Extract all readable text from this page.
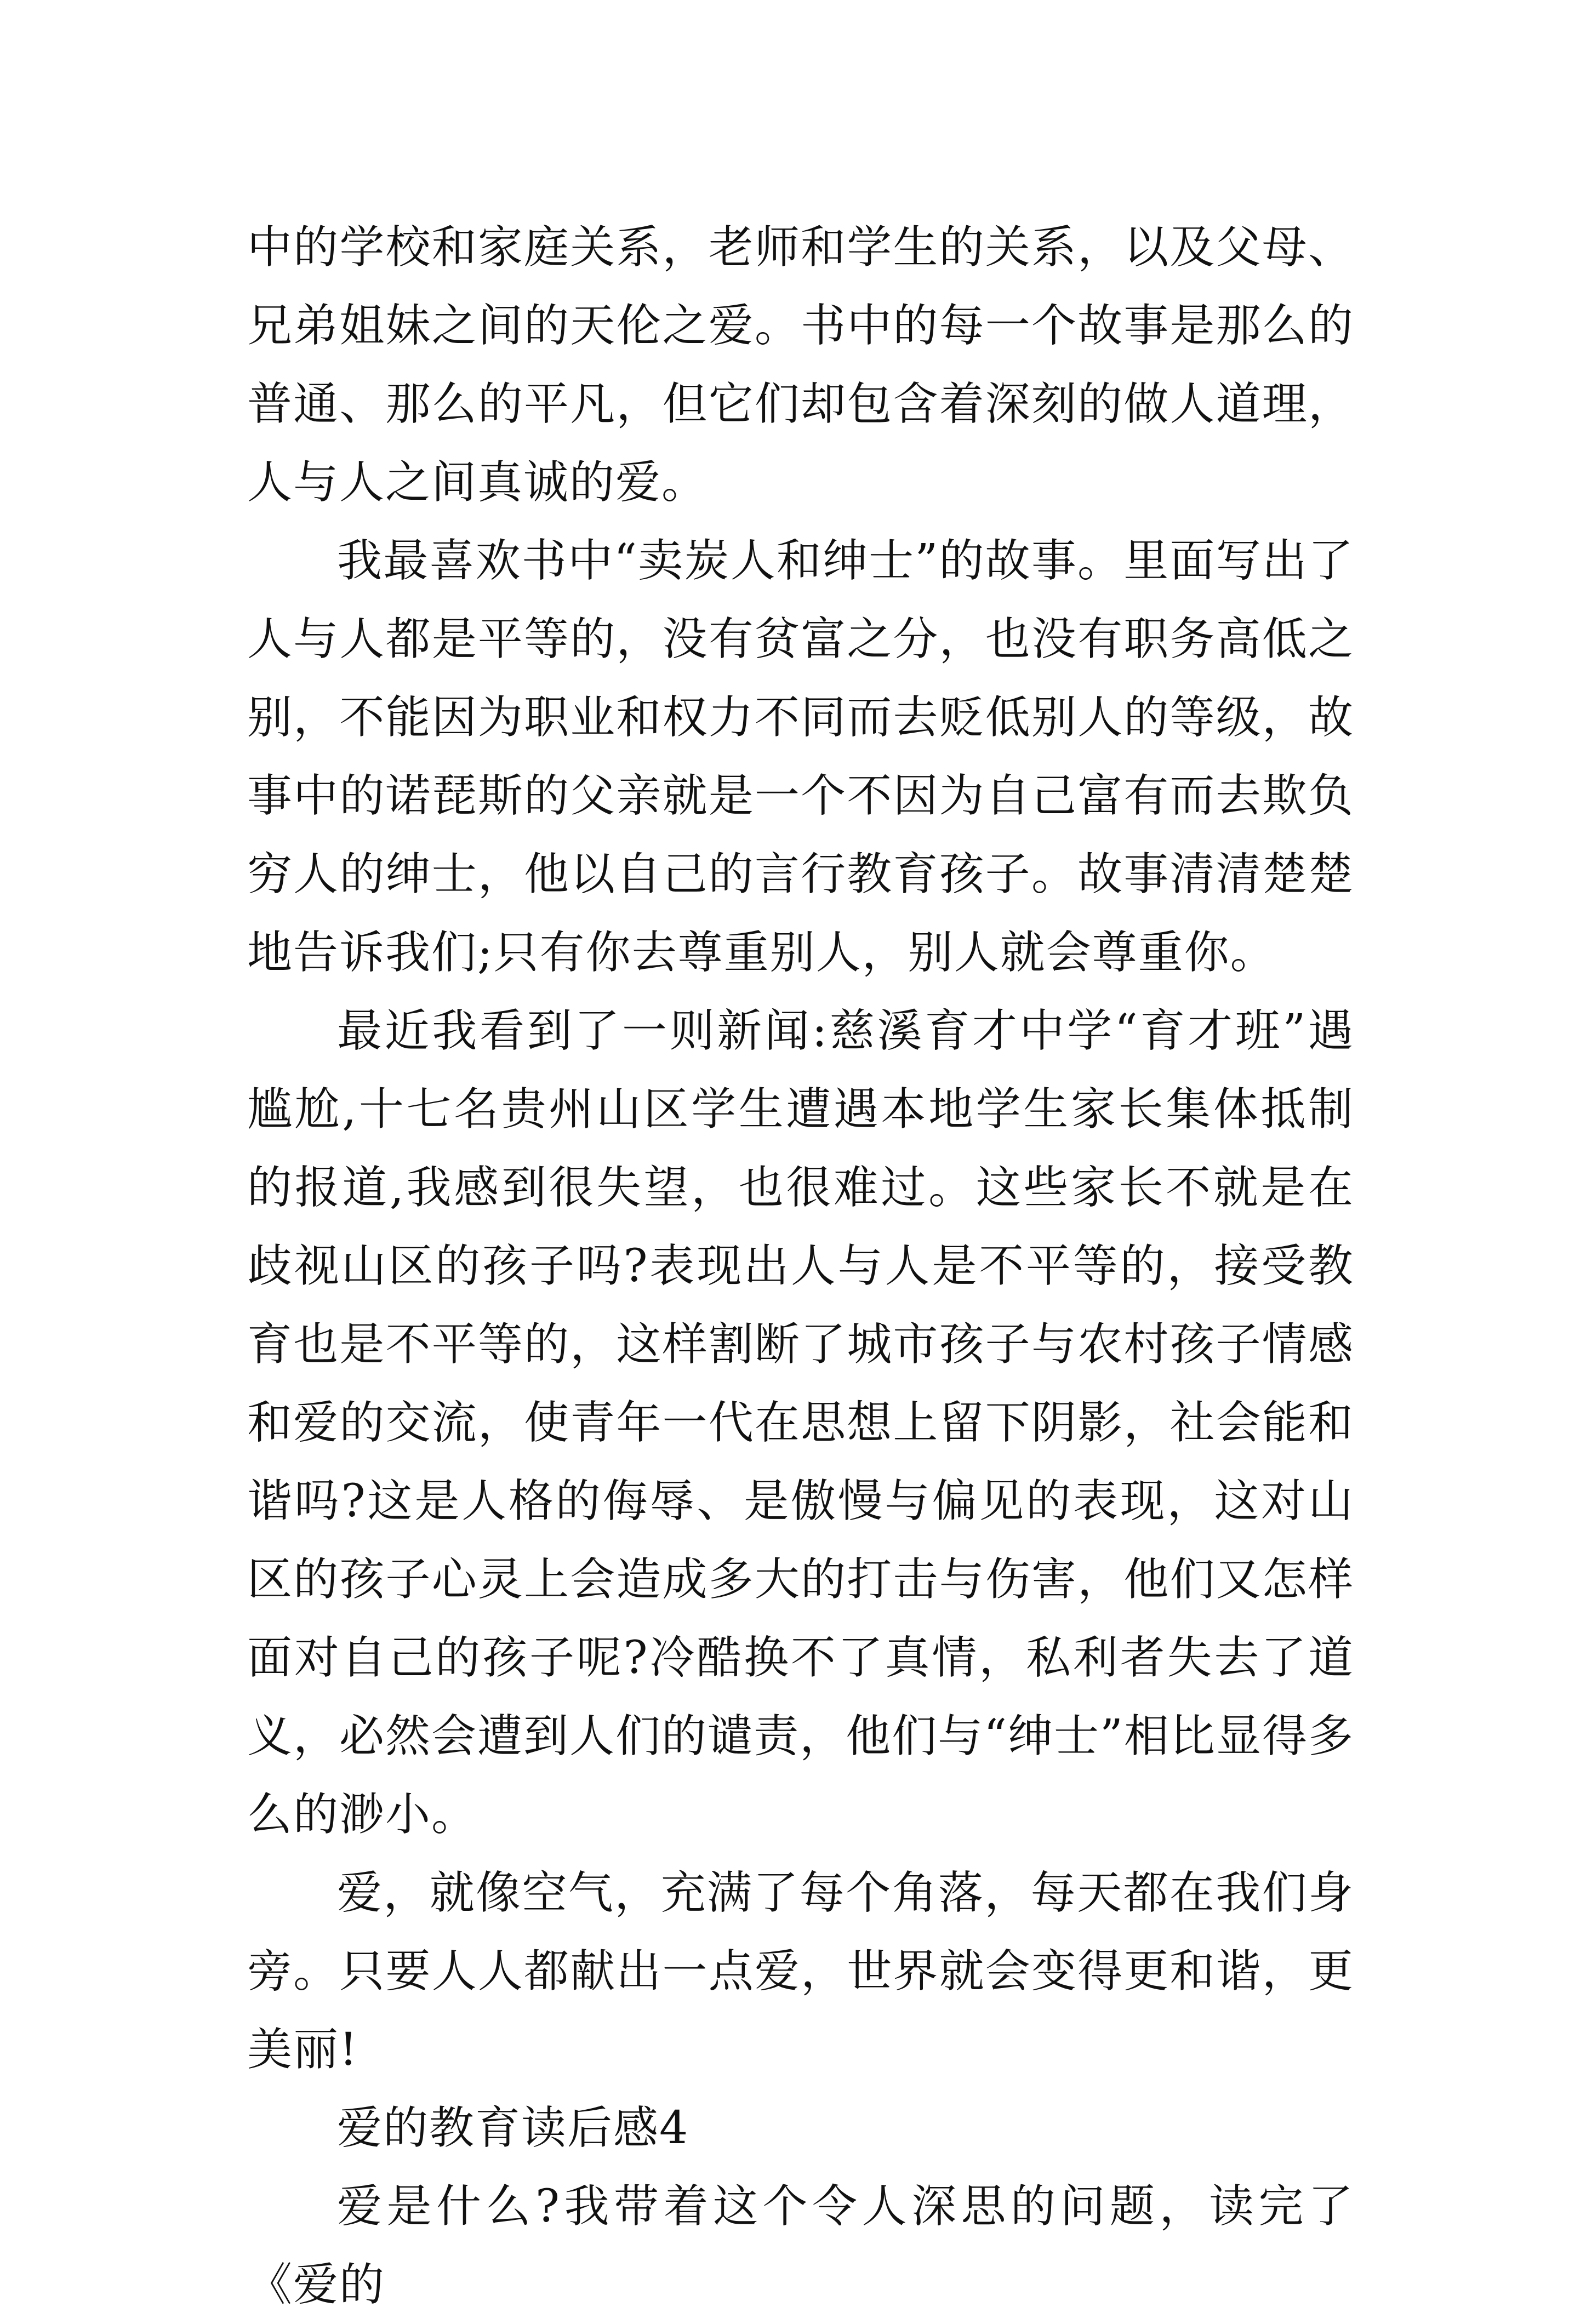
中的学校和家庭关系，老师和学生的关系，以及父母、兄弟姐妹之间的天伦之爱。书中的每一个故事是那么的普通、那么的平凡，但它们却包含着深刻的做人道理，人与人之间真诚的爱。

我最喜欢书中“卖炭人和绅士”的故事。里面写出了人与人都是平等的，没有贫富之分，也没有职务高低之别，不能因为职业和权力不同而去贬低别人的等级，故事中的诺琵斯的父亲就是一个不因为自己富有而去欺负穷人的绅士，他以自己的言行教育孩子。故事清清楚楚地告诉我们;只有你去尊重别人，别人就会尊重你。

最近我看到了一则新闻:慈溪育才中学“育才班”遇尴尬,十七名贵州山区学生遭遇本地学生家长集体抵制的报道,我感到很失望，也很难过。这些家长不就是在歧视山区的孩子吗?表现出人与人是不平等的，接受教育也是不平等的，这样割断了城市孩子与农村孩子情感和爱的交流，使青年一代在思想上留下阴影，社会能和谐吗?这是人格的侮辱、是傲慢与偏见的表现，这对山区的孩子心灵上会造成多大的打击与伤害，他们又怎样面对自己的孩子呢?冷酷换不了真情，私利者失去了道义，必然会遭到人们的谴责，他们与“绅士”相比显得多么的渺小。

爱，就像空气，充满了每个角落，每天都在我们身旁。只要人人都献出一点爱，世界就会变得更和谐，更美丽!

爱的教育读后感4

爱是什么?我带着这个令人深思的问题，读完了《爱的
